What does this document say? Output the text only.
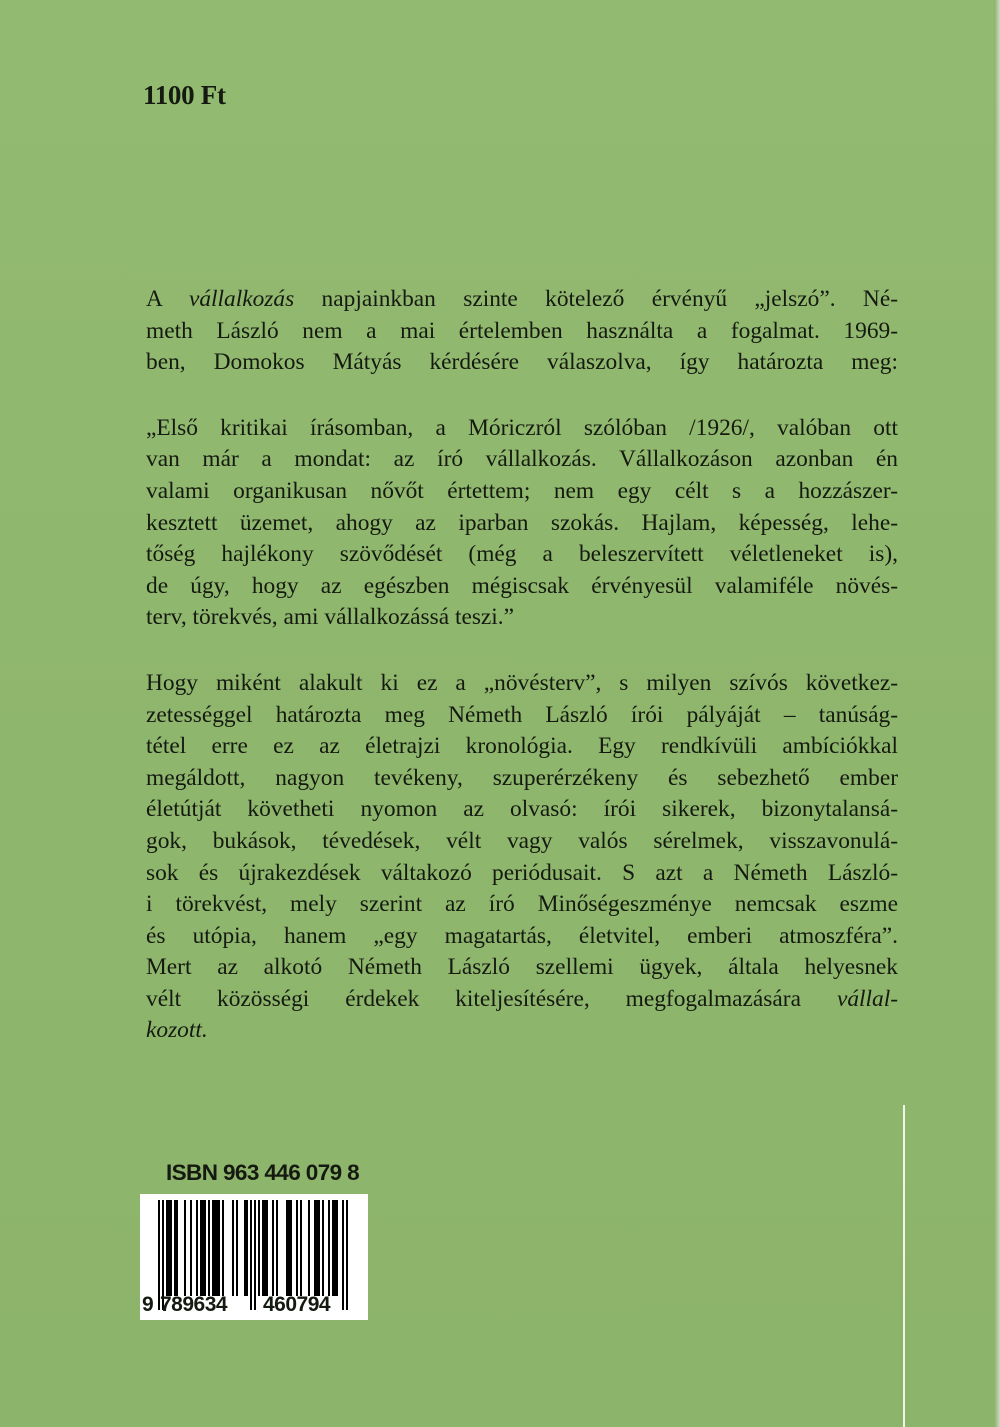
1100 Ft

A vállalkozás napjainkban szinte kötelező érvényű „jelszó”. Né-
meth László nem a mai értelemben használta a fogalmat. 1969-
ben, Domokos Mátyás kérdésére válaszolva, így határozta meg:

„Első kritikai írásomban, a Móriczról szólóban /1926/, valóban ott
van már a mondat: az író vállalkozás. Vállalkozáson azonban én
valami organikusan nővőt értettem; nem egy célt s a hozzászer-
kesztett üzemet, ahogy az iparban szokás. Hajlam, képesség, lehe-
tőség hajlékony szövődését (még a beleszervített véletleneket is),
de úgy, hogy az egészben mégiscsak érvényesül valamiféle növés-
terv, törekvés, ami vállalkozássá teszi.”

Hogy miként alakult ki ez a „növésterv”, s milyen szívós következ-
zetességgel határozta meg Németh László írói pályáját – tanúság-
tétel erre ez az életrajzi kronológia. Egy rendkívüli ambíciókkal
megáldott, nagyon tevékeny, szuperérzékeny és sebezhető ember
életútját követheti nyomon az olvasó: írói sikerek, bizonytalansá-
gok, bukások, tévedések, vélt vagy valós sérelmek, visszavonulá-
sok és újrakezdések váltakozó periódusait. S azt a Németh László-
i törekvést, mely szerint az író Minőségeszménye nemcsak eszme
és utópia, hanem „egy magatartás, életvitel, emberi atmoszféra”.
Mert az alkotó Németh László szellemi ügyek, általa helyesnek
vélt közösségi érdekek kiteljesítésére, megfogalmazására vállal-
kozott.

ISBN 963 446 079 8
9 789634 460794
